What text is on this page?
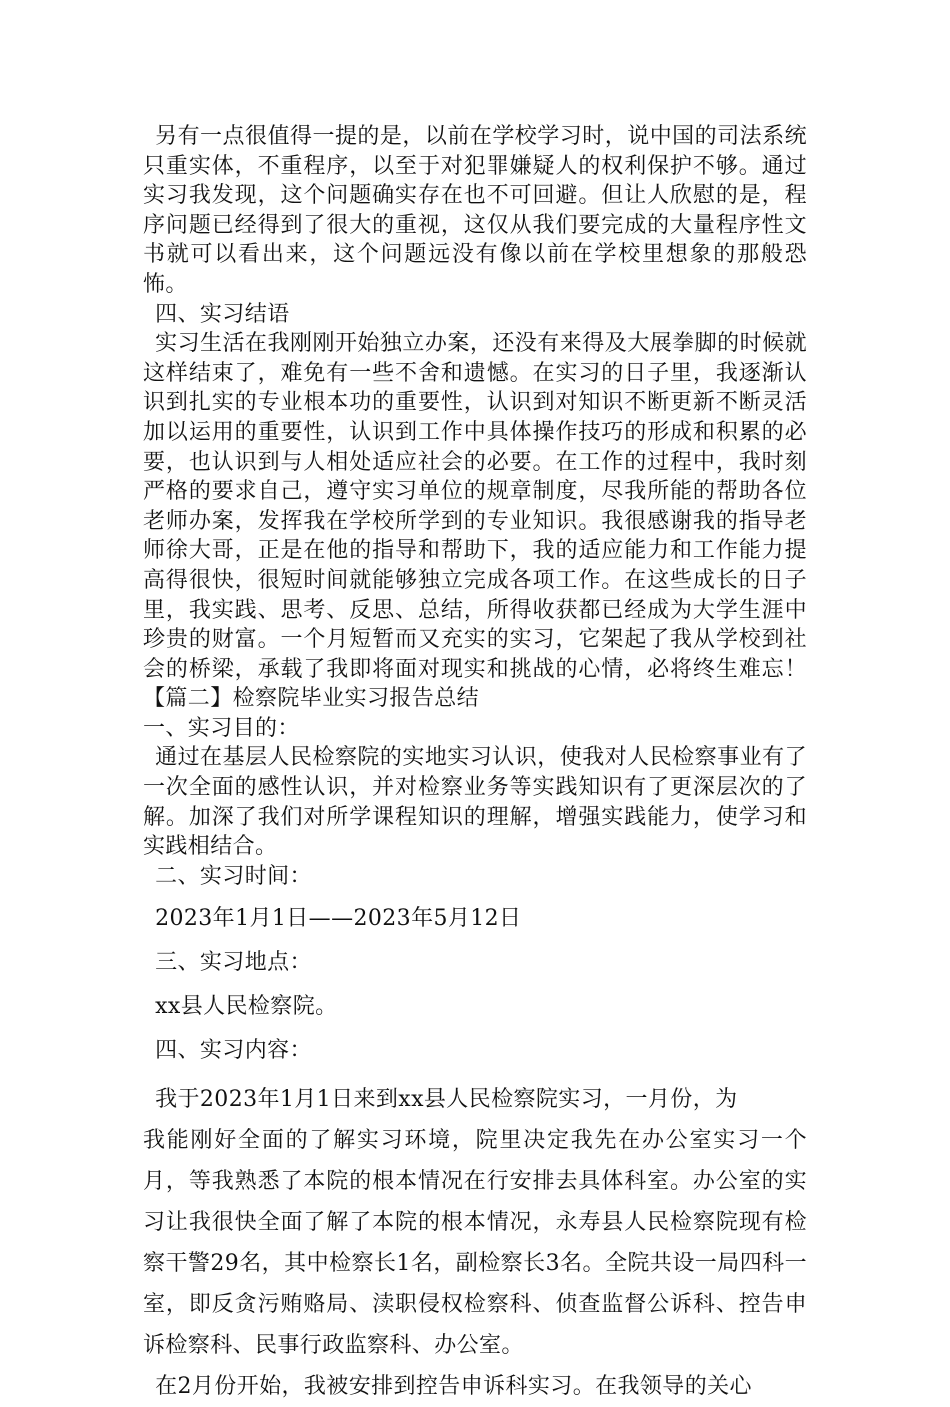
另有一点很值得一提的是，以前在学校学习时，说中国的司法系统只重实体，不重程序，以至于对犯罪嫌疑人的权利保护不够。通过实习我发现，这个问题确实存在也不可回避。但让人欣慰的是，程序问题已经得到了很大的重视，这仅从我们要完成的大量程序性文书就可以看出来，这个问题远没有像以前在学校里想象的那般恐怖。

四、实习结语

实习生活在我刚刚开始独立办案，还没有来得及大展拳脚的时候就这样结束了，难免有一些不舍和遗憾。在实习的日子里，我逐渐认识到扎实的专业根本功的重要性，认识到对知识不断更新不断灵活加以运用的重要性，认识到工作中具体操作技巧的形成和积累的必要，也认识到与人相处适应社会的必要。在工作的过程中，我时刻严格的要求自己，遵守实习单位的规章制度，尽我所能的帮助各位老师办案，发挥我在学校所学到的专业知识。我很感谢我的指导老师徐大哥，正是在他的指导和帮助下，我的适应能力和工作能力提高得很快，很短时间就能够独立完成各项工作。在这些成长的日子里，我实践、思考、反思、总结，所得收获都已经成为大学生涯中珍贵的财富。一个月短暂而又充实的实习，它架起了我从学校到社会的桥梁，承载了我即将面对现实和挑战的心情，必将终生难忘！【篇二】检察院毕业实习报告总结

一、实习目的：

通过在基层人民检察院的实地实习认识，使我对人民检察事业有了一次全面的感性认识，并对检察业务等实践知识有了更深层次的了解。加深了我们对所学课程知识的理解，增强实践能力，使学习和实践相结合。

二、实习时间：

2023年1月1日——2023年5月12日

三、实习地点：

xx县人民检察院。

四、实习内容：

我于2023年1月1日来到xx县人民检察院实习，一月份，为

我能刚好全面的了解实习环境，院里决定我先在办公室实习一个月，等我熟悉了本院的根本情况在行安排去具体科室。办公室的实习让我很快全面了解了本院的根本情况，永寿县人民检察院现有检察干警29名，其中检察长1名，副检察长3名。全院共设一局四科一室，即反贪污贿赂局、渎职侵权检察科、侦查监督公诉科、控告申诉检察科、民事行政监察科、办公室。

在2月份开始，我被安排到控告申诉科实习。在我领导的关心
